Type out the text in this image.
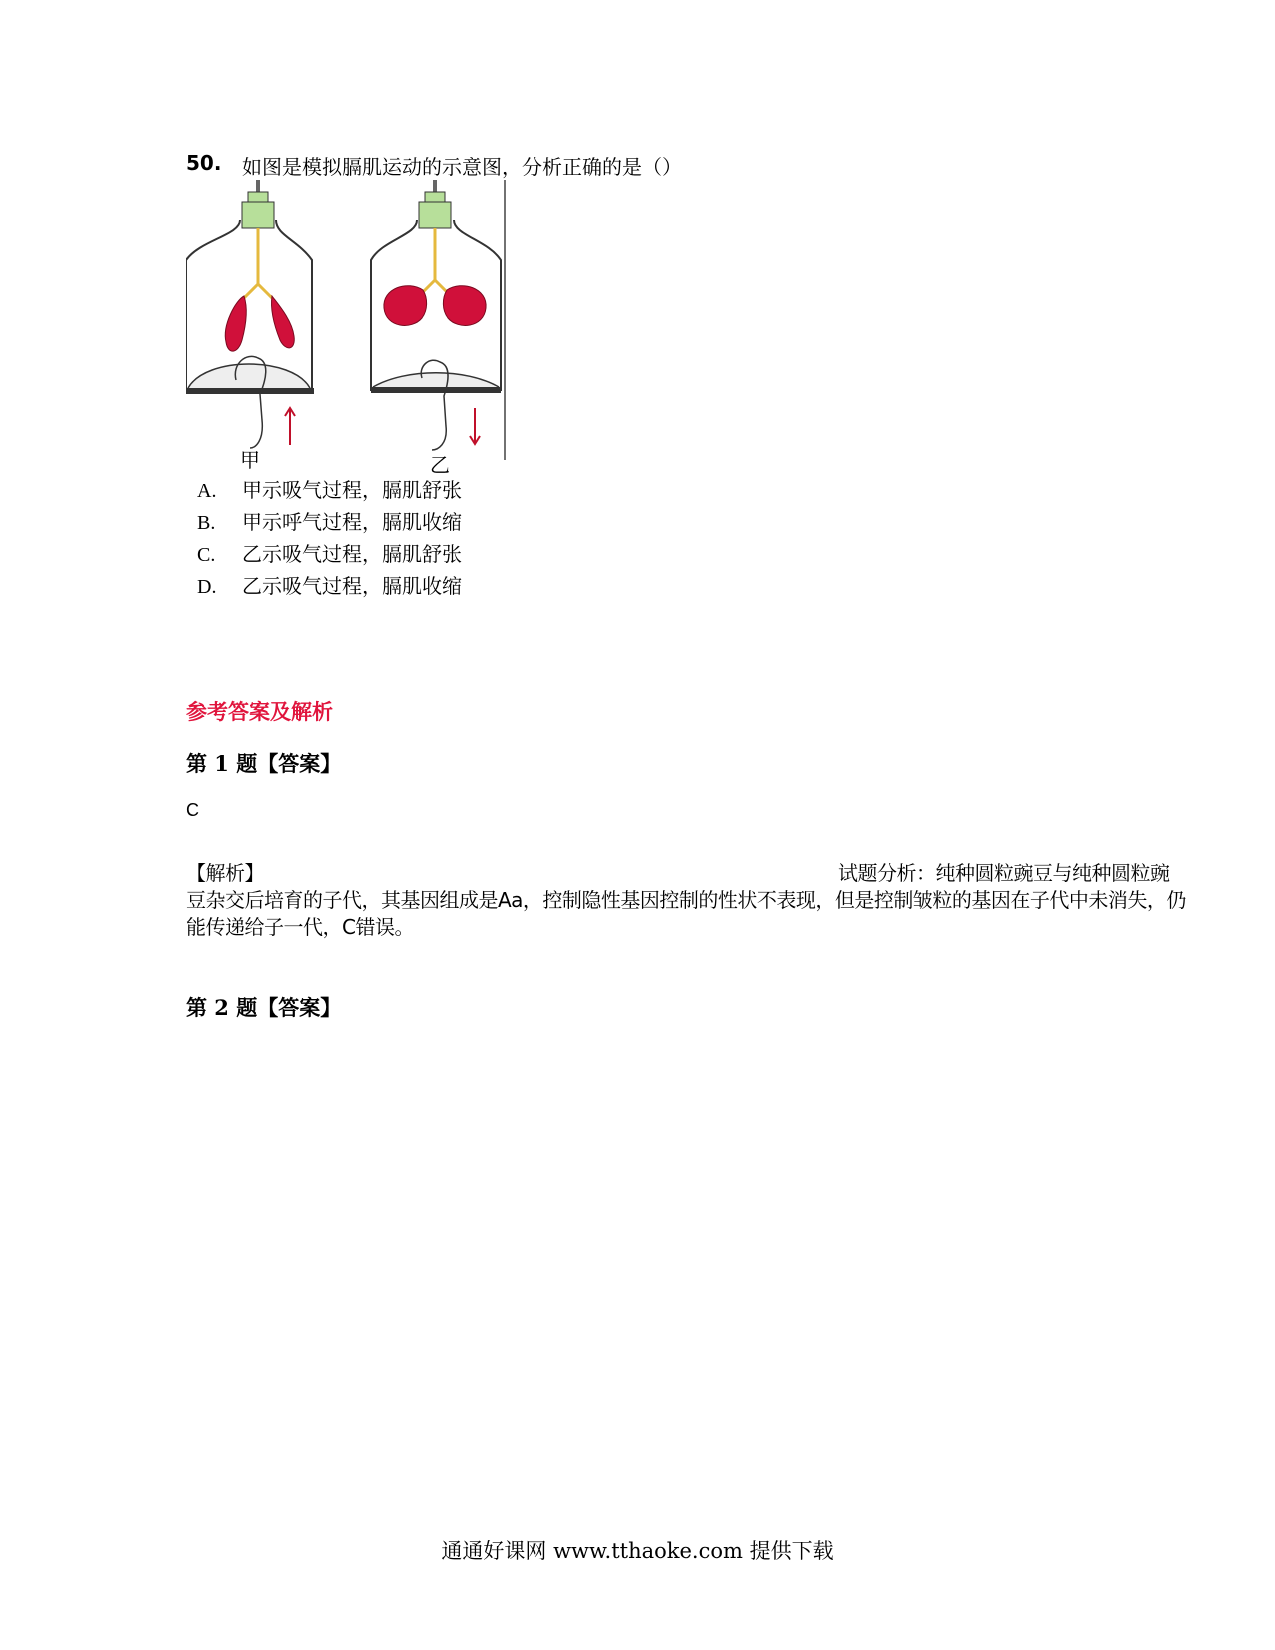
50. 如图是模拟膈肌运动的示意图，分析正确的是（）
甲	乙
A. 甲示吸气过程，膈肌舒张
B. 甲示呼气过程，膈肌收缩
C. 乙示吸气过程，膈肌舒张
D. 乙示吸气过程，膈肌收缩
参考答案及解析
第 1 题【答案】
C
【解析】	试题分析：纯种圆粒豌豆与纯种圆粒豌豆杂交后培育的子代，其基因组成是Aa，控制隐性基因控制的性状不表现，但是控制皱粒的基因在子代中未消失，仍能传递给子一代，C错误。
第 2 题【答案】
通通好课网 www.tthaoke.com 提供下载
